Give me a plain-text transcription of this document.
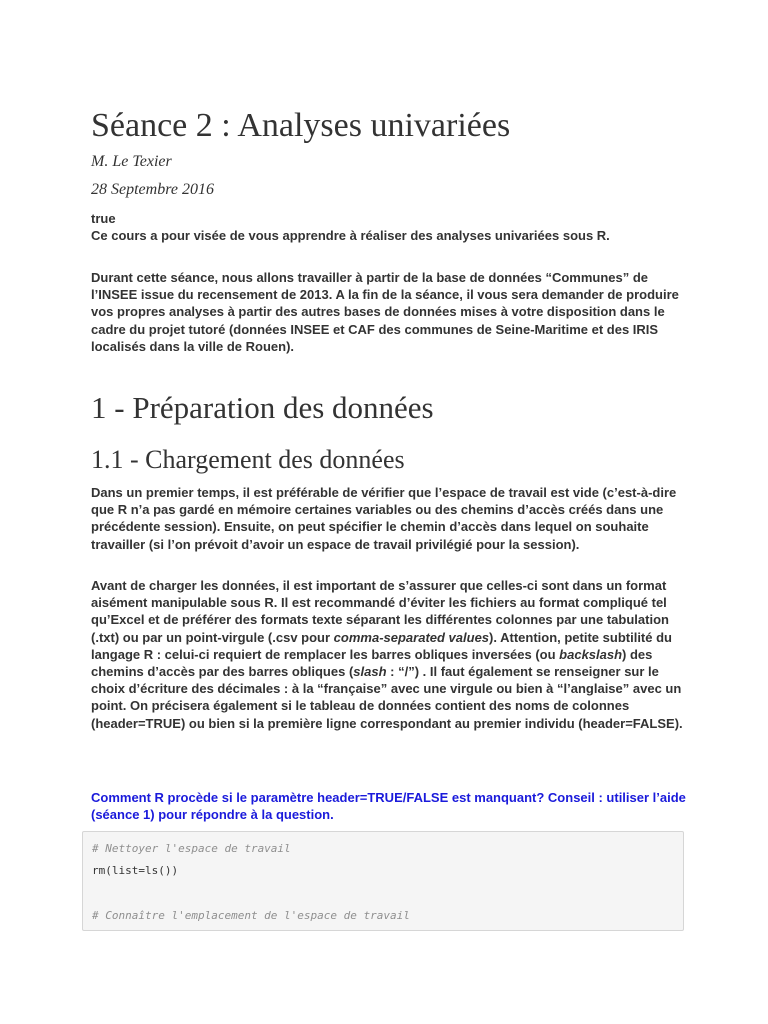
Séance 2 : Analyses univariées

M. Le Texier

28 Septembre 2016

true
Ce cours a pour visée de vous apprendre à réaliser des analyses univariées sous R.

Durant cette séance, nous allons travailler à partir de la base de données “Communes” de l’INSEE issue du recensement de 2013. A la fin de la séance, il vous sera demander de produire vos propres analyses à partir des autres bases de données mises à votre disposition dans le cadre du projet tutoré (données INSEE et CAF des communes de Seine-Maritime et des IRIS localisés dans la ville de Rouen).

1 - Préparation des données
1.1 - Chargement des données

Dans un premier temps, il est préférable de vérifier que l’espace de travail est vide (c’est-à-dire que R n’a pas gardé en mémoire certaines variables ou des chemins d’accès créés dans une précédente session). Ensuite, on peut spécifier le chemin d’accès dans lequel on souhaite travailler (si l’on prévoit d’avoir un espace de travail privilégié pour la session).

Avant de charger les données, il est important de s’assurer que celles-ci sont dans un format aisément manipulable sous R. Il est recommandé d’éviter les fichiers au format compliqué tel qu’Excel et de préférer des formats texte séparant les différentes colonnes par une tabulation (.txt) ou par un point-virgule (.csv pour comma-separated values). Attention, petite subtilité du langage R : celui-ci requiert de remplacer les barres obliques inversées (ou backslash) des chemins d’accès par des barres obliques (slash : “/”) . Il faut également se renseigner sur le choix d’écriture des décimales : à la “française” avec une virgule ou bien à “l’anglaise” avec un point. On précisera également si le tableau de données contient des noms de colonnes (header=TRUE) ou bien si la première ligne correspondant au premier individu (header=FALSE).

Comment R procède si le paramètre header=TRUE/FALSE est manquant? Conseil : utiliser l’aide (séance 1) pour répondre à la question.

# Nettoyer l'espace de travail
rm(list=ls())
# Connaître l'emplacement de l'espace de travail
